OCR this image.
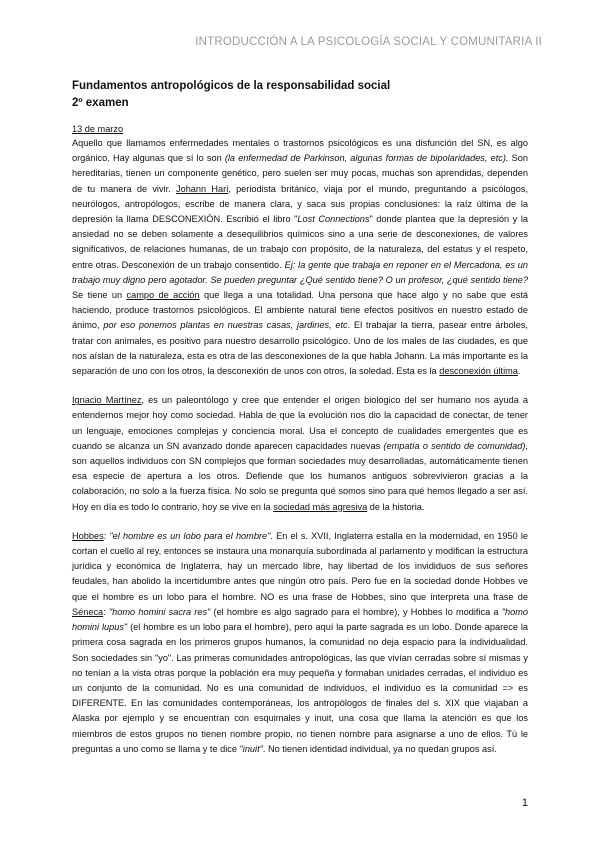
INTRODUCCIÓN A LA PSICOLOGÍA SOCIAL Y COMUNITARIA II

Fundamentos antropológicos de la responsabilidad social

2º examen

13 de marzo

Aquello que llamamos enfermedades mentales o trastornos psicológicos es una disfunción del SN, es algo orgánico. Hay algunas que sí lo son (la enfermedad de Parkinson, algunas formas de bipolaridades, etc). Son hereditarias, tienen un componente genético, pero suelen ser muy pocas, muchas son aprendidas, dependen de tu manera de vivir. Johann Hari, periodista británico, viaja por el mundo, preguntando a psicólogos, neurólogos, antropólogos, escribe de manera clara, y saca sus propias conclusiones: la raíz última de la depresión la llama DESCONEXIÓN. Escribió el libro "Lost Connections" donde plantea que la depresión y la ansiedad no se deben solamente a desequilibrios químicos sino a una serie de desconexiones, de valores significativos, de relaciones humanas, de un trabajo con propósito, de la naturaleza, del estatus y el respeto, entre otras. Desconexión de un trabajo consentido. Ej: la gente que trabaja en reponer en el Mercadona, es un trabajo muy digno pero agotador. Se pueden preguntar ¿Qué sentido tiene? O un profesor, ¿qué sentido tiene? Se tiene un campo de acción que llega a una totalidad. Una persona que hace algo y no sabe que está haciendo, produce trastornos psicológicos. El ambiente natural tiene efectos positivos en nuestro estado de ánimo, por eso ponemos plantas en nuestras casas, jardines, etc. El trabajar la tierra, pasear entre árboles, tratar con animales, es positivo para nuestro desarrollo psicológico. Uno de los males de las ciudades, es que nos aíslan de la naturaleza, esta es otra de las desconexiones de la que habla Johann. La más importante es la separación de uno con los otros, la desconexión de unos con otros, la soledad. Esta es la desconexión última.

Ignacio Martínez, es un paleontólogo y cree que entender el origen biológico del ser humano nos ayuda a entendernos mejor hoy como sociedad. Habla de que la evolución nos dio la capacidad de conectar, de tener un lenguaje, emociones complejas y conciencia moral. Usa el concepto de cualidades emergentes que es cuando se alcanza un SN avanzado donde aparecen capacidades nuevas (empatía o sentido de comunidad), son aquellos individuos con SN complejos que forman sociedades muy desarrolladas, automáticamente tienen esa especie de apertura a los otros. Defiende que los humanos antiguos sobrevivieron gracias a la colaboración, no solo a la fuerza física. No solo se pregunta qué somos sino para qué hemos llegado a ser así. Hoy en día es todo lo contrario, hoy se vive en la sociedad más agresiva de la historia.

Hobbes: "el hombre es un lobo para el hombre". En el s. XVII, Inglaterra estalla en la modernidad, en 1950 le cortan el cuello al rey, entonces se instaura una monarquía subordinada al parlamento y modifican la estructura jurídica y económica de Inglaterra, hay un mercado libre, hay libertad de los invididuos de sus señores feudales, han abolido la incertidumbre antes que ningún otro país. Pero fue en la sociedad donde Hobbes ve que el hombre es un lobo para el hombre. NO es una frase de Hobbes, sino que interpreta una frase de Séneca: "homo homini sacra res" (el hombre es algo sagrado para el hombre), y Hobbes lo modifica a "homo homini lupus" (el hombre es un lobo para el hombre), pero aquí la parte sagrada es un lobo. Donde aparece la primera cosa sagrada en los primeros grupos humanos, la comunidad no deja espacio para la individualidad. Son sociedades sin "yo". Las primeras comunidades antropológicas, las que vivían cerradas sobre sí mismas y no tenían a la vista otras porque la población era muy pequeña y formaban unidades cerradas, el individuo es un conjunto de la comunidad. No es una comunidad de individuos, el individuo es la comunidad => es DIFERENTE. En las comunidades contemporáneas, los antropólogos de finales del s. XIX que viajaban a Alaska por ejemplo y se encuentran con esquimales y inuit, una cosa que llama la atención es que los miembros de estos grupos no tienen nombre propio, no tienen nombre para asignarse a uno de ellos. Tú le preguntas a uno como se llama y te dice "inuit". No tienen identidad individual, ya no quedan grupos así.

1
